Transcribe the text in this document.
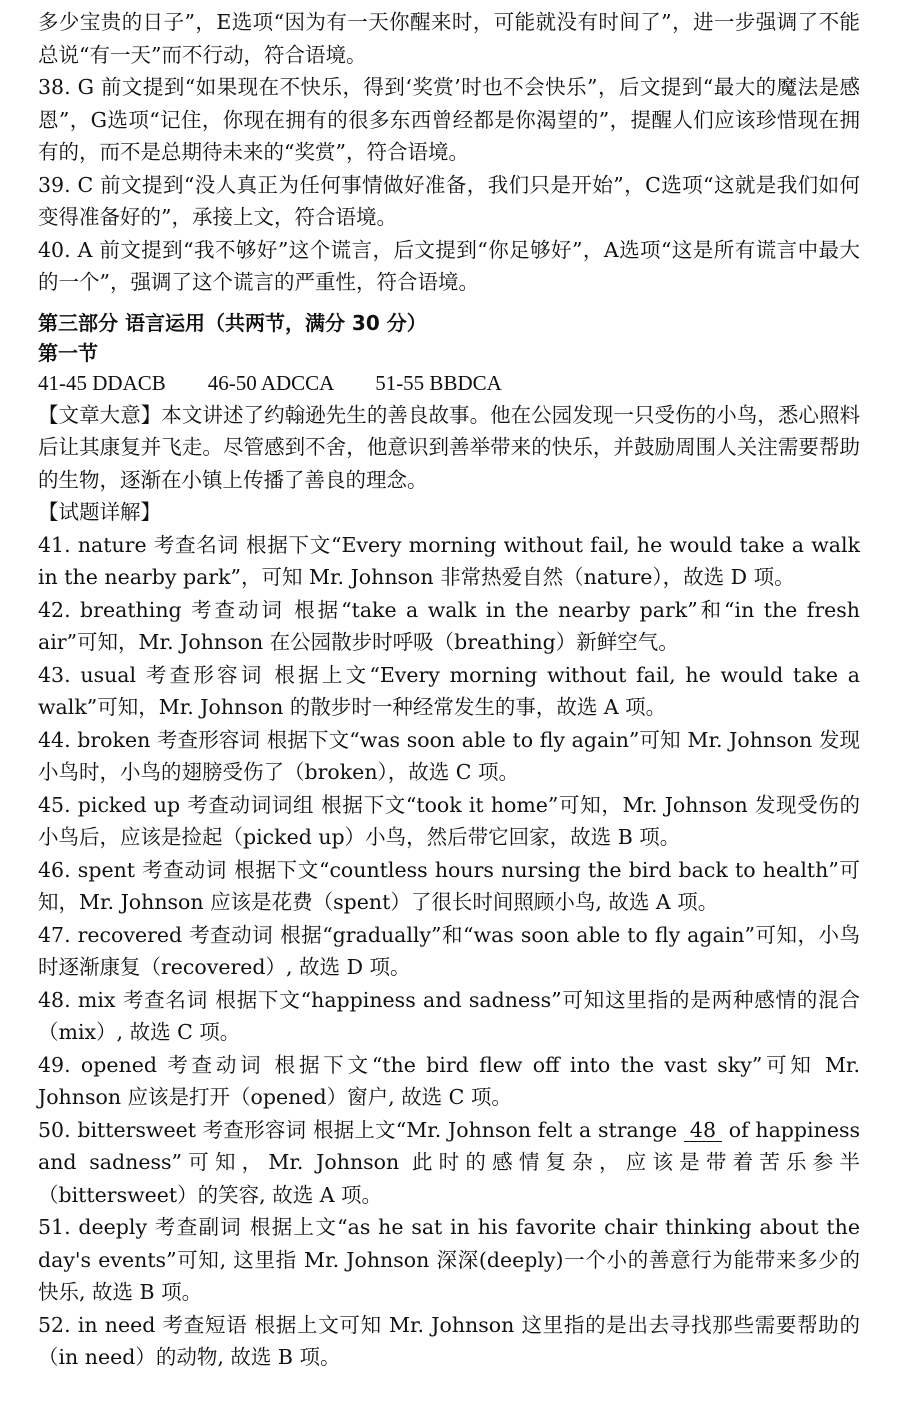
多少宝贵的日子”，E选项“因为有一天你醒来时，可能就没有时间了”，进一步强调了不能总说“有一天”而不行动，符合语境。

38. G 前文提到“如果现在不快乐，得到‘奖赏’时也不会快乐”，后文提到“最大的魔法是感恩”，G选项“记住，你现在拥有的很多东西曾经都是你渴望的”，提醒人们应该珍惜现在拥有的，而不是总期待未来的“奖赏”，符合语境。

39. C 前文提到“没人真正为任何事情做好准备，我们只是开始”，C选项“这就是我们如何变得准备好的”，承接上文，符合语境。

40. A 前文提到“我不够好”这个谎言，后文提到“你足够好”，A选项“这是所有谎言中最大的一个”，强调了这个谎言的严重性，符合语境。

第三部分 语言运用（共两节，满分 30 分）

第一节

41-45 DDACB        46-50 ADCCA        51-55 BBDCA

【文章大意】本文讲述了约翰逊先生的善良故事。他在公园发现一只受伤的小鸟，悉心照料后让其康复并飞走。尽管感到不舍，他意识到善举带来的快乐，并鼓励周围人关注需要帮助的生物，逐渐在小镇上传播了善良的理念。

【试题详解】

41. nature 考查名词 根据下文“Every morning without fail, he would take a walk in the nearby park”，可知 Mr. Johnson 非常热爱自然（nature），故选 D 项。

42. breathing 考查动词 根据“take a walk in the nearby park”和“in the fresh air”可知，Mr. Johnson 在公园散步时呼吸（breathing）新鲜空气。

43. usual 考查形容词 根据上文“Every morning without fail, he would take a walk”可知，Mr. Johnson 的散步时一种经常发生的事，故选 A 项。

44. broken 考查形容词 根据下文“was soon able to fly again”可知 Mr. Johnson 发现小鸟时，小鸟的翅膀受伤了（broken），故选 C 项。

45. picked up 考查动词词组 根据下文“took it home”可知，Mr. Johnson 发现受伤的小鸟后，应该是捡起（picked up）小鸟，然后带它回家，故选 B 项。

46. spent 考查动词 根据下文“countless hours nursing the bird back to health”可知，Mr. Johnson 应该是花费（spent）了很长时间照顾小鸟, 故选 A 项。

47. recovered 考查动词 根据“gradually”和“was soon able to fly again”可知，小鸟时逐渐康复（recovered）, 故选 D 项。

48. mix 考查名词 根据下文“happiness and sadness”可知这里指的是两种感情的混合（mix）, 故选 C 项。

49. opened 考查动词 根据下文“the bird flew off into the vast sky”可知 Mr. Johnson 应该是打开（opened）窗户, 故选 C 项。

50. bittersweet 考查形容词 根据上文“Mr. Johnson felt a strange 48 of happiness and sadness”可知，Mr. Johnson 此时的感情复杂，应该是带着苦乐参半（bittersweet）的笑容, 故选 A 项。

51. deeply 考查副词 根据上文“as he sat in his favorite chair thinking about the day's events”可知, 这里指 Mr. Johnson 深深(deeply)一个小的善意行为能带来多少的快乐, 故选 B 项。

52. in need 考查短语 根据上文可知 Mr. Johnson 这里指的是出去寻找那些需要帮助的（in need）的动物, 故选 B 项。
